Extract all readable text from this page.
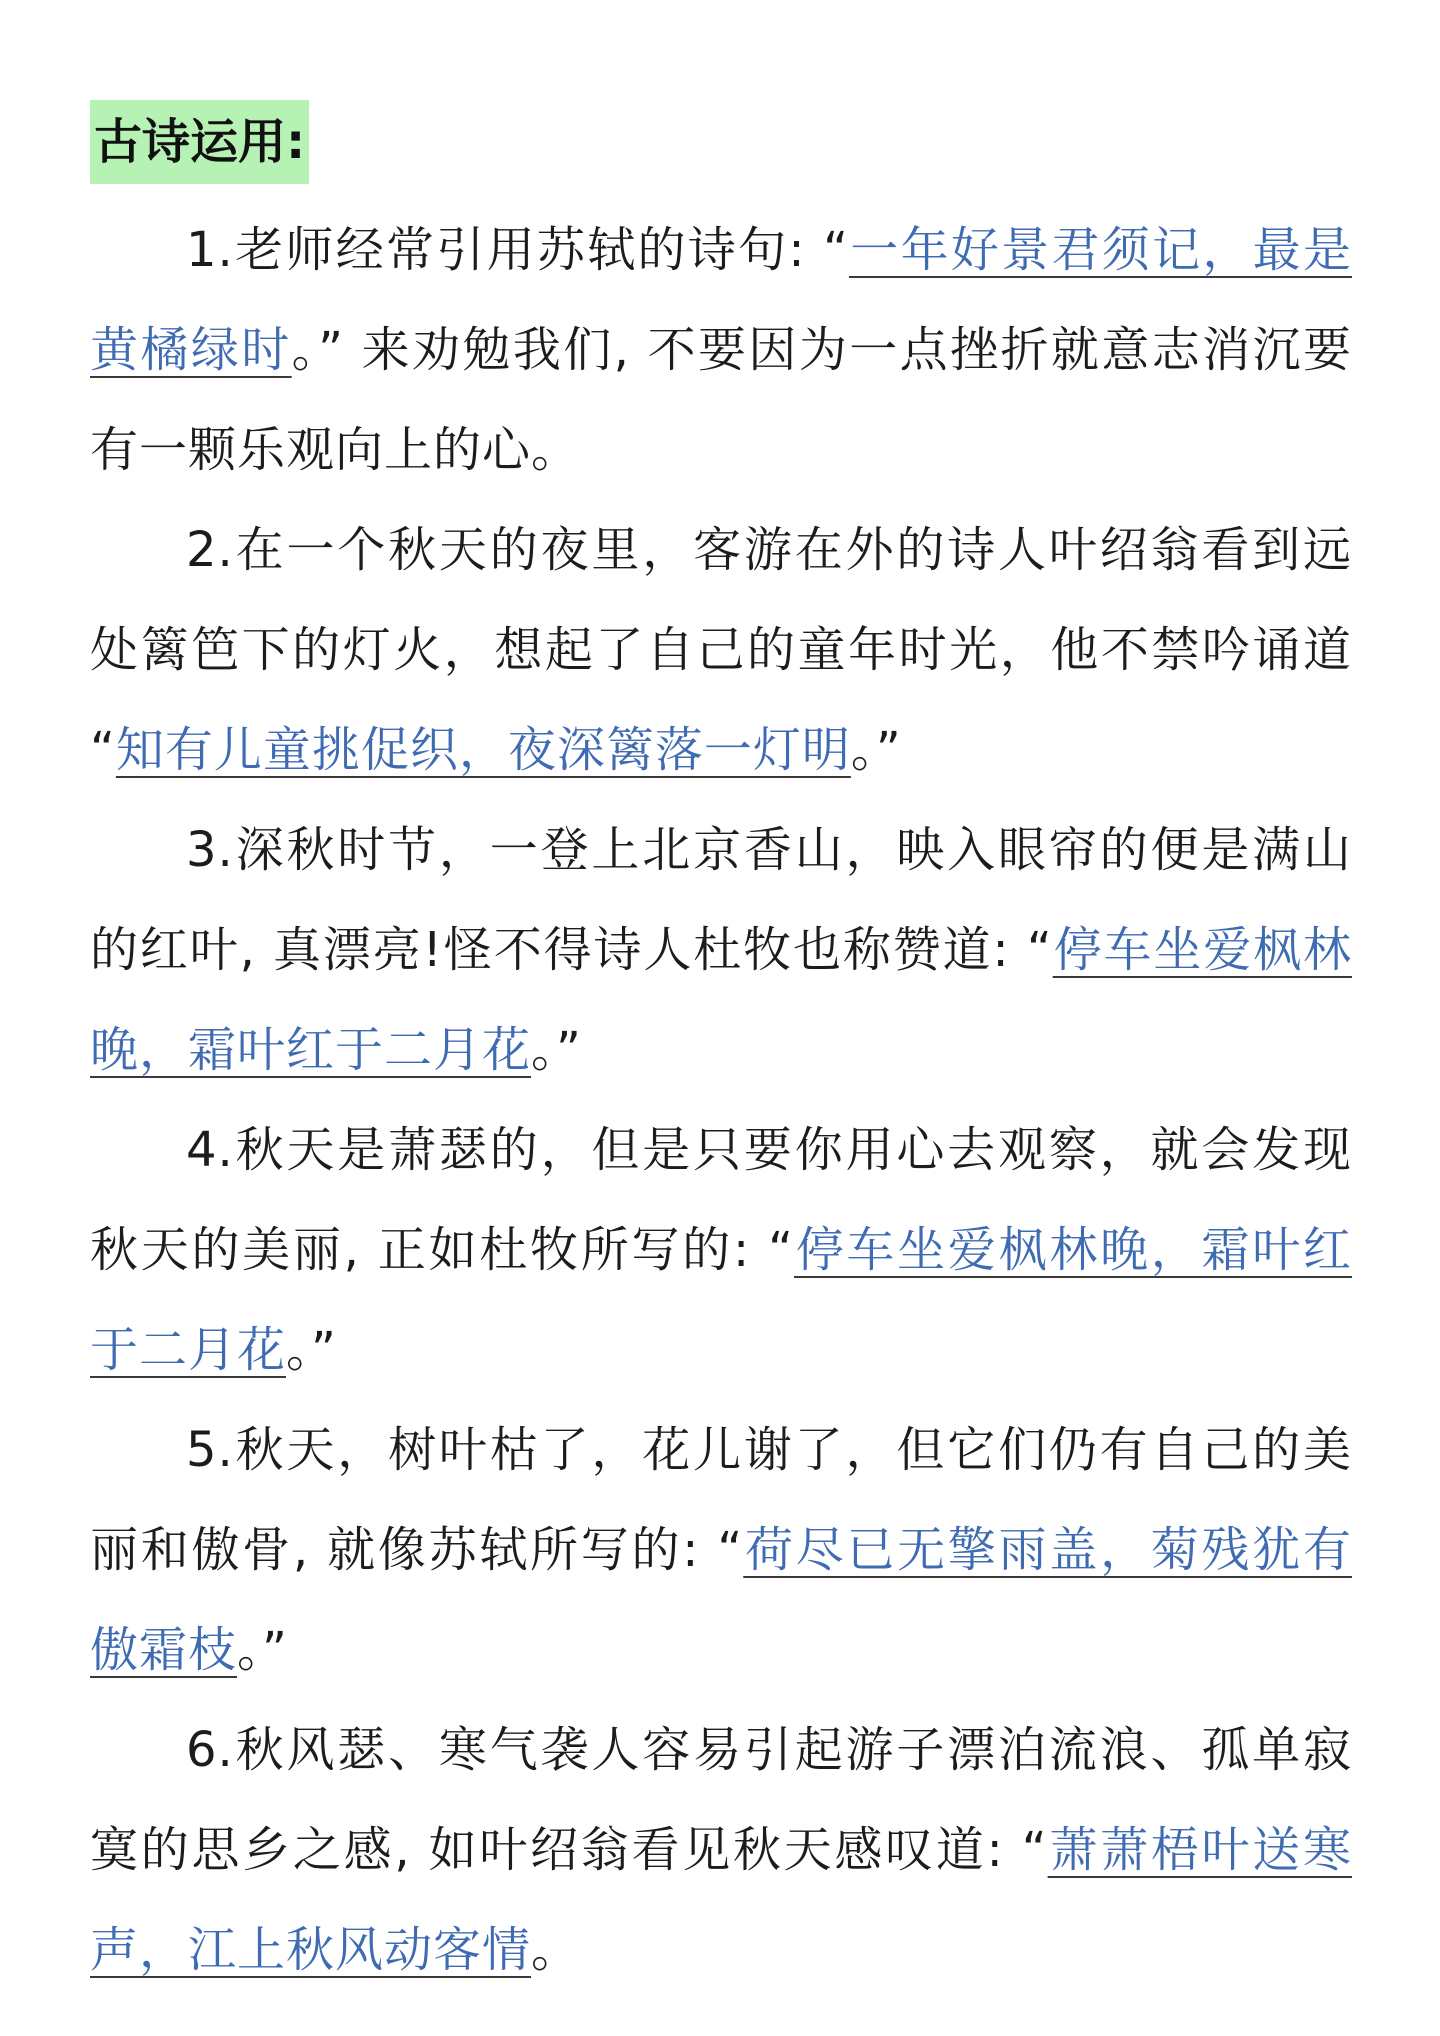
古诗运用:

1.老师经常引用苏轼的诗句: “一年好景君须记，最是黄橘绿时。” 来劝勉我们, 不要因为一点挫折就意志消沉要有一颗乐观向上的心。

2.在一个秋天的夜里，客游在外的诗人叶绍翁看到远处篱笆下的灯火，想起了自己的童年时光，他不禁吟诵道 “知有儿童挑促织，夜深篱落一灯明。”

3.深秋时节，一登上北京香山，映入眼帘的便是满山的红叶, 真漂亮!怪不得诗人杜牧也称赞道: “停车坐爱枫林晚，霜叶红于二月花。”

4.秋天是萧瑟的，但是只要你用心去观察，就会发现秋天的美丽, 正如杜牧所写的: “停车坐爱枫林晚，霜叶红于二月花。”

5.秋天，树叶枯了，花儿谢了，但它们仍有自己的美丽和傲骨, 就像苏轼所写的: “荷尽已无擎雨盖，菊残犹有傲霜枝。”

6.秋风瑟、寒气袭人容易引起游子漂泊流浪、孤单寂寞的思乡之感, 如叶绍翁看见秋天感叹道: “萧萧梧叶送寒声，江上秋风动客情。
